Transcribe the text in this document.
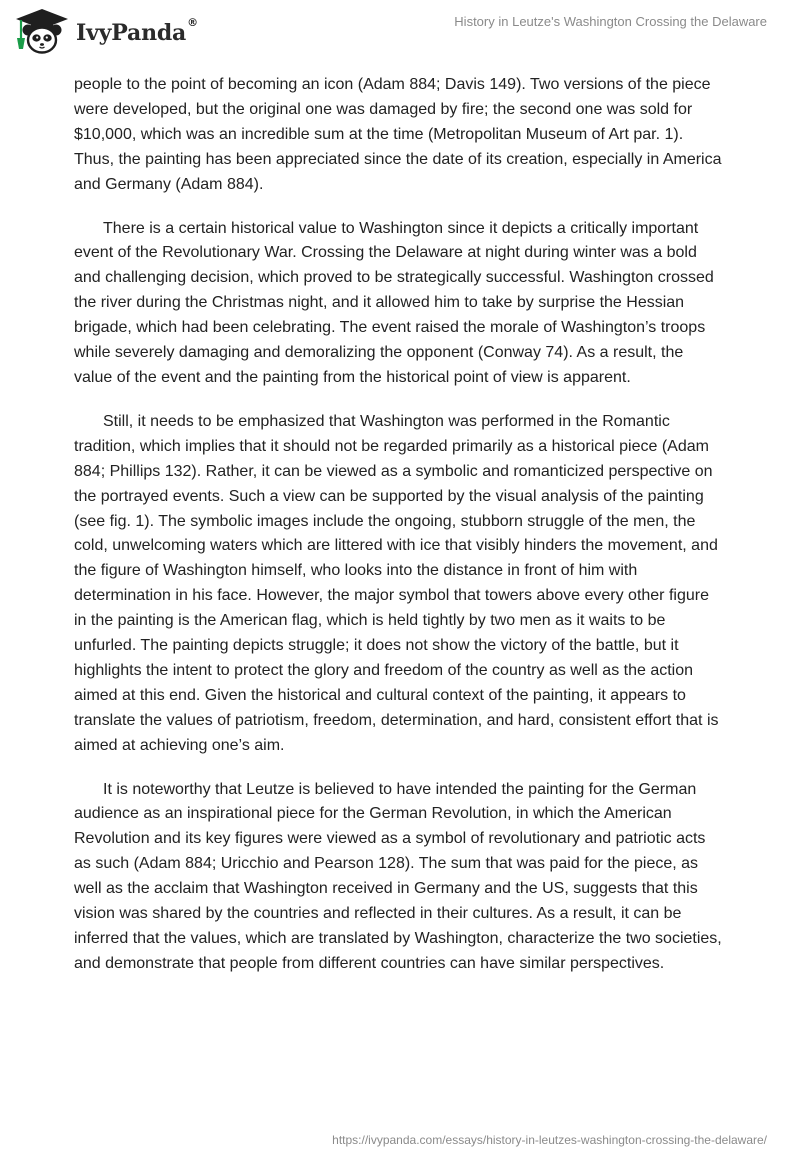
IvyPanda®	History in Leutze's Washington Crossing the Delaware

people to the point of becoming an icon (Adam 884; Davis 149). Two versions of the piece were developed, but the original one was damaged by fire; the second one was sold for $10,000, which was an incredible sum at the time (Metropolitan Museum of Art par. 1). Thus, the painting has been appreciated since the date of its creation, especially in America and Germany (Adam 884).

There is a certain historical value to Washington since it depicts a critically important event of the Revolutionary War. Crossing the Delaware at night during winter was a bold and challenging decision, which proved to be strategically successful. Washington crossed the river during the Christmas night, and it allowed him to take by surprise the Hessian brigade, which had been celebrating. The event raised the morale of Washington’s troops while severely damaging and demoralizing the opponent (Conway 74). As a result, the value of the event and the painting from the historical point of view is apparent.

Still, it needs to be emphasized that Washington was performed in the Romantic tradition, which implies that it should not be regarded primarily as a historical piece (Adam 884; Phillips 132). Rather, it can be viewed as a symbolic and romanticized perspective on the portrayed events. Such a view can be supported by the visual analysis of the painting (see fig. 1). The symbolic images include the ongoing, stubborn struggle of the men, the cold, unwelcoming waters which are littered with ice that visibly hinders the movement, and the figure of Washington himself, who looks into the distance in front of him with determination in his face. However, the major symbol that towers above every other figure in the painting is the American flag, which is held tightly by two men as it waits to be unfurled. The painting depicts struggle; it does not show the victory of the battle, but it highlights the intent to protect the glory and freedom of the country as well as the action aimed at this end. Given the historical and cultural context of the painting, it appears to translate the values of patriotism, freedom, determination, and hard, consistent effort that is aimed at achieving one’s aim.

It is noteworthy that Leutze is believed to have intended the painting for the German audience as an inspirational piece for the German Revolution, in which the American Revolution and its key figures were viewed as a symbol of revolutionary and patriotic acts as such (Adam 884; Uricchio and Pearson 128). The sum that was paid for the piece, as well as the acclaim that Washington received in Germany and the US, suggests that this vision was shared by the countries and reflected in their cultures. As a result, it can be inferred that the values, which are translated by Washington, characterize the two societies, and demonstrate that people from different countries can have similar perspectives.

https://ivypanda.com/essays/history-in-leutzes-washington-crossing-the-delaware/
